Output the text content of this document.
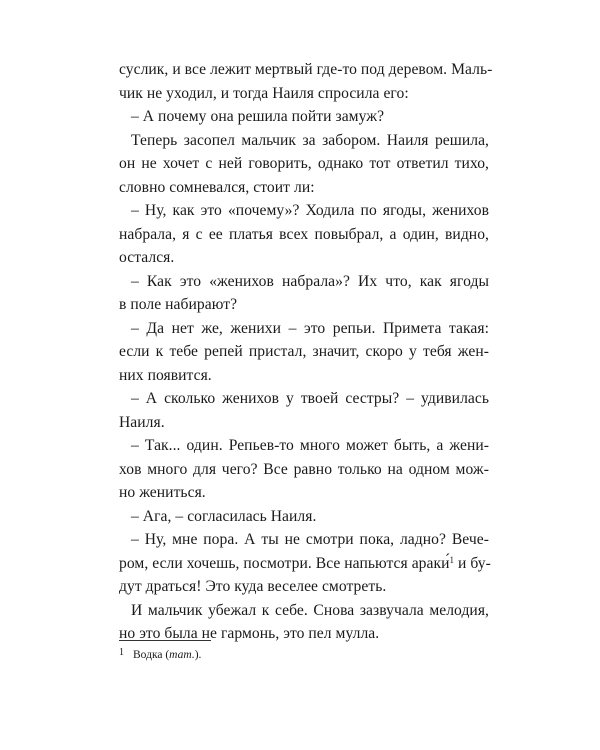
суслик, и все лежит мертвый где-то под деревом. Маль-
чик не уходил, и тогда Наиля спросила его:
– А почему она решила пойти замуж?
Теперь засопел мальчик за забором. Наиля решила,
он не хочет с ней говорить, однако тот ответил тихо,
словно сомневался, стоит ли:
– Ну, как это «почему»? Ходила по ягоды, женихов
набрала, я с ее платья всех повыбрал, а один, видно,
остался.
– Как это «женихов набрала»? Их что, как ягоды
в поле набирают?
– Да нет же, женихи – это репьи. Примета такая:
если к тебе репей пристал, значит, скоро у тебя жен-
них появится.
– А сколько женихов у твоей сестры? – удивилась
Наиля.
– Так... один. Репьев-то много может быть, а жени-
хов много для чего? Все равно только на одном мож-
но жениться.
– Ага, – согласилась Наиля.
– Ну, мне пора. А ты не смотри пока, ладно? Вече-
ром, если хочешь, посмотри. Все напьются араки́$^1$ и бу-
дут драться! Это куда веселее смотреть.
И мальчик убежал к себе. Снова зазвучала мелодия,
но это была не гармонь, это пел мулла.
1 Водка (тат.).
